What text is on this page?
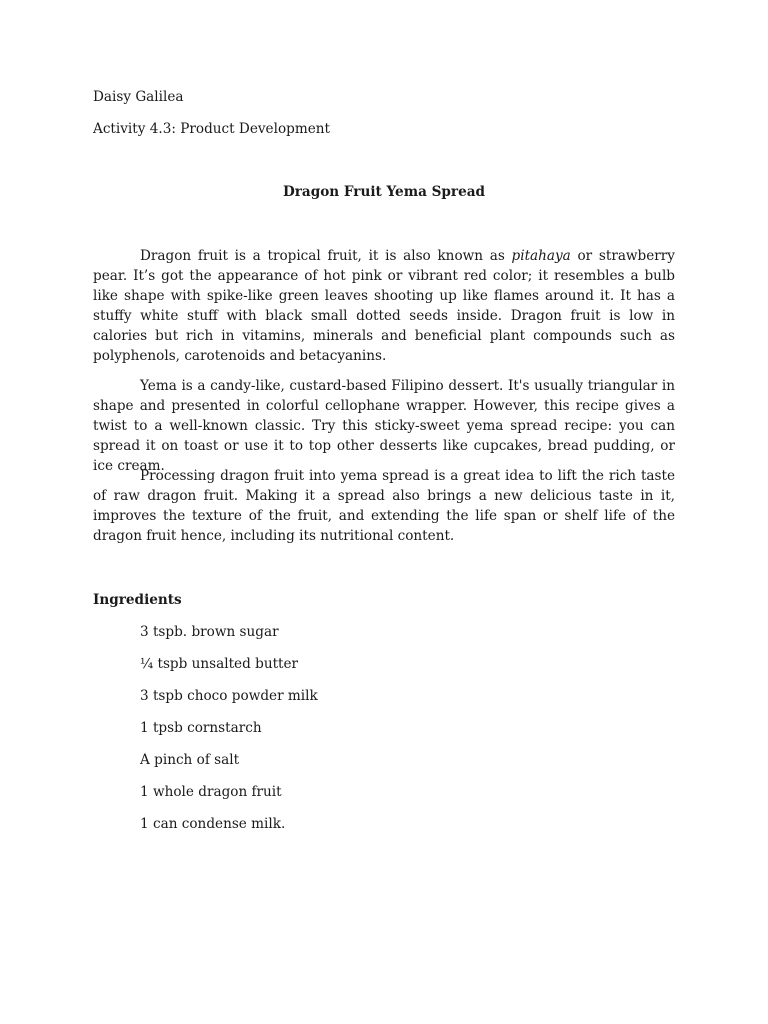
Daisy Galilea

Activity 4.3: Product Development

Dragon Fruit Yema Spread

Dragon fruit is a tropical fruit, it is also known as pitahaya or strawberry pear. It’s got the appearance of hot pink or vibrant red color; it resembles a bulb like shape with spike-like green leaves shooting up like flames around it. It has a stuffy white stuff with black small dotted seeds inside. Dragon fruit is low in calories but rich in vitamins, minerals and beneficial plant compounds such as polyphenols, carotenoids and betacyanins.

Yema is a candy-like, custard-based Filipino dessert. It's usually triangular in shape and presented in colorful cellophane wrapper. However, this recipe gives a twist to a well-known classic. Try this sticky-sweet yema spread recipe: you can spread it on toast or use it to top other desserts like cupcakes, bread pudding, or ice cream.

Processing dragon fruit into yema spread is a great idea to lift the rich taste of raw dragon fruit. Making it a spread also brings a new delicious taste in it, improves the texture of the fruit, and extending the life span or shelf life of the dragon fruit hence, including its nutritional content.

Ingredients

3 tspb. brown sugar
¼ tspb unsalted butter
3 tspb choco powder milk
1 tpsb cornstarch
A pinch of salt
1 whole dragon fruit
1 can condense milk.
